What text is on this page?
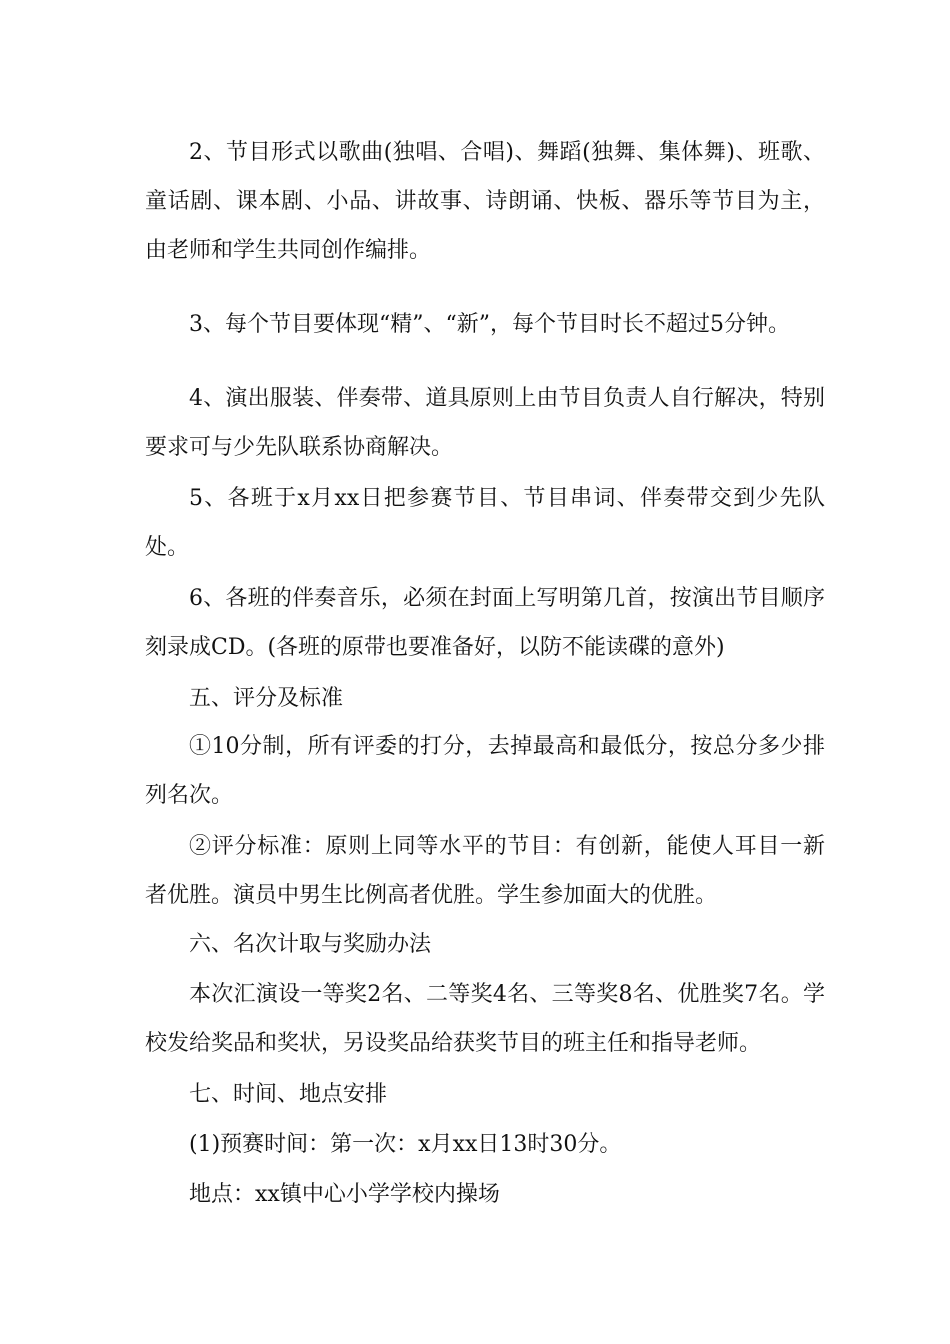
2、节目形式以歌曲(独唱、合唱)、舞蹈(独舞、集体舞)、班歌、童话剧、课本剧、小品、讲故事、诗朗诵、快板、器乐等节目为主，由老师和学生共同创作编排。

3、每个节目要体现“精”、“新”，每个节目时长不超过5分钟。

4、演出服装、伴奏带、道具原则上由节目负责人自行解决，特别要求可与少先队联系协商解决。

5、各班于x月xx日把参赛节目、节目串词、伴奏带交到少先队处。

6、各班的伴奏音乐，必须在封面上写明第几首，按演出节目顺序刻录成CD。(各班的原带也要准备好，以防不能读碟的意外)

五、评分及标准

①10分制，所有评委的打分，去掉最高和最低分，按总分多少排列名次。

②评分标准：原则上同等水平的节目：有创新，能使人耳目一新者优胜。演员中男生比例高者优胜。学生参加面大的优胜。

六、名次计取与奖励办法

本次汇演设一等奖2名、二等奖4名、三等奖8名、优胜奖7名。学校发给奖品和奖状，另设奖品给获奖节目的班主任和指导老师。

七、时间、地点安排

(1)预赛时间：第一次：x月xx日13时30分。

地点：xx镇中心小学学校内操场
